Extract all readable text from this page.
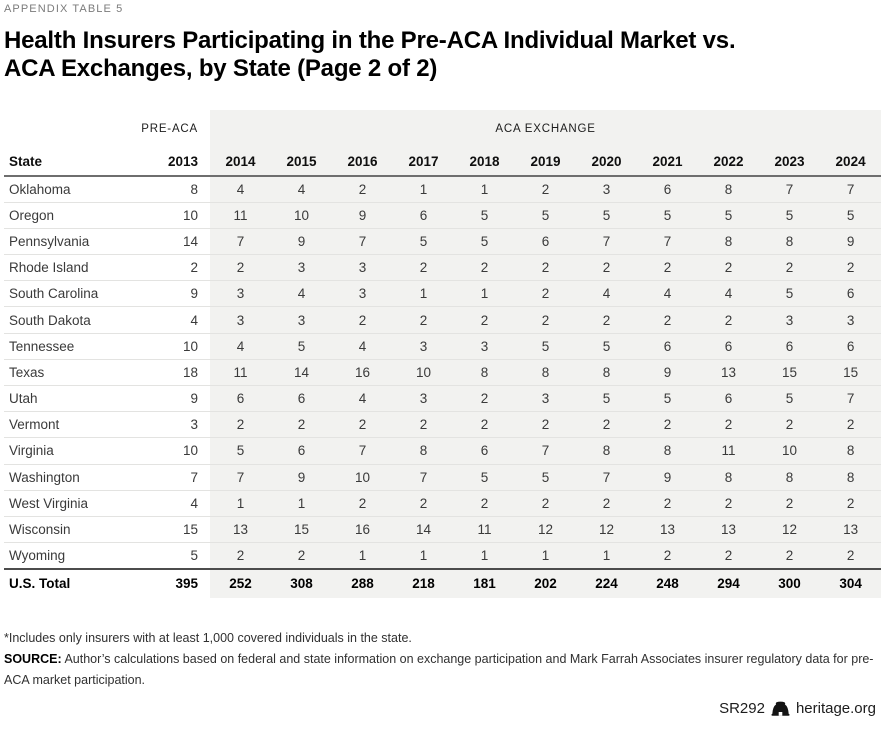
APPENDIX TABLE 5
Health Insurers Participating in the Pre-ACA Individual Market vs.
ACA Exchanges, by State (Page 2 of 2)
	PRE-ACA	ACA EXCHANGE										
State	2013	2014	2015	2016	2017	2018	2019	2020	2021	2022	2023	2024
Oklahoma	8	4	4	2	1	1	2	3	6	8	7	7
Oregon	10	11	10	9	6	5	5	5	5	5	5	5
Pennsylvania	14	7	9	7	5	5	6	7	7	8	8	9
Rhode Island	2	2	3	3	2	2	2	2	2	2	2	2
South Carolina	9	3	4	3	1	1	2	4	4	4	5	6
South Dakota	4	3	3	2	2	2	2	2	2	2	3	3
Tennessee	10	4	5	4	3	3	5	5	6	6	6	6
Texas	18	11	14	16	10	8	8	8	9	13	15	15
Utah	9	6	6	4	3	2	3	5	5	6	5	7
Vermont	3	2	2	2	2	2	2	2	2	2	2	2
Virginia	10	5	6	7	8	6	7	8	8	11	10	8
Washington	7	7	9	10	7	5	5	7	9	8	8	8
West Virginia	4	1	1	2	2	2	2	2	2	2	2	2
Wisconsin	15	13	15	16	14	11	12	12	13	13	12	13
Wyoming	5	2	2	1	1	1	1	1	2	2	2	2
U.S. Total	395	252	308	288	218	181	202	224	248	294	300	304

*Includes only insurers with at least 1,000 covered individuals in the state.

SOURCE: Author’s calculations based on federal and state information on exchange participation and Mark Farrah Associates insurer regulatory data for pre-ACA market participation.

SR292 heritage.org
